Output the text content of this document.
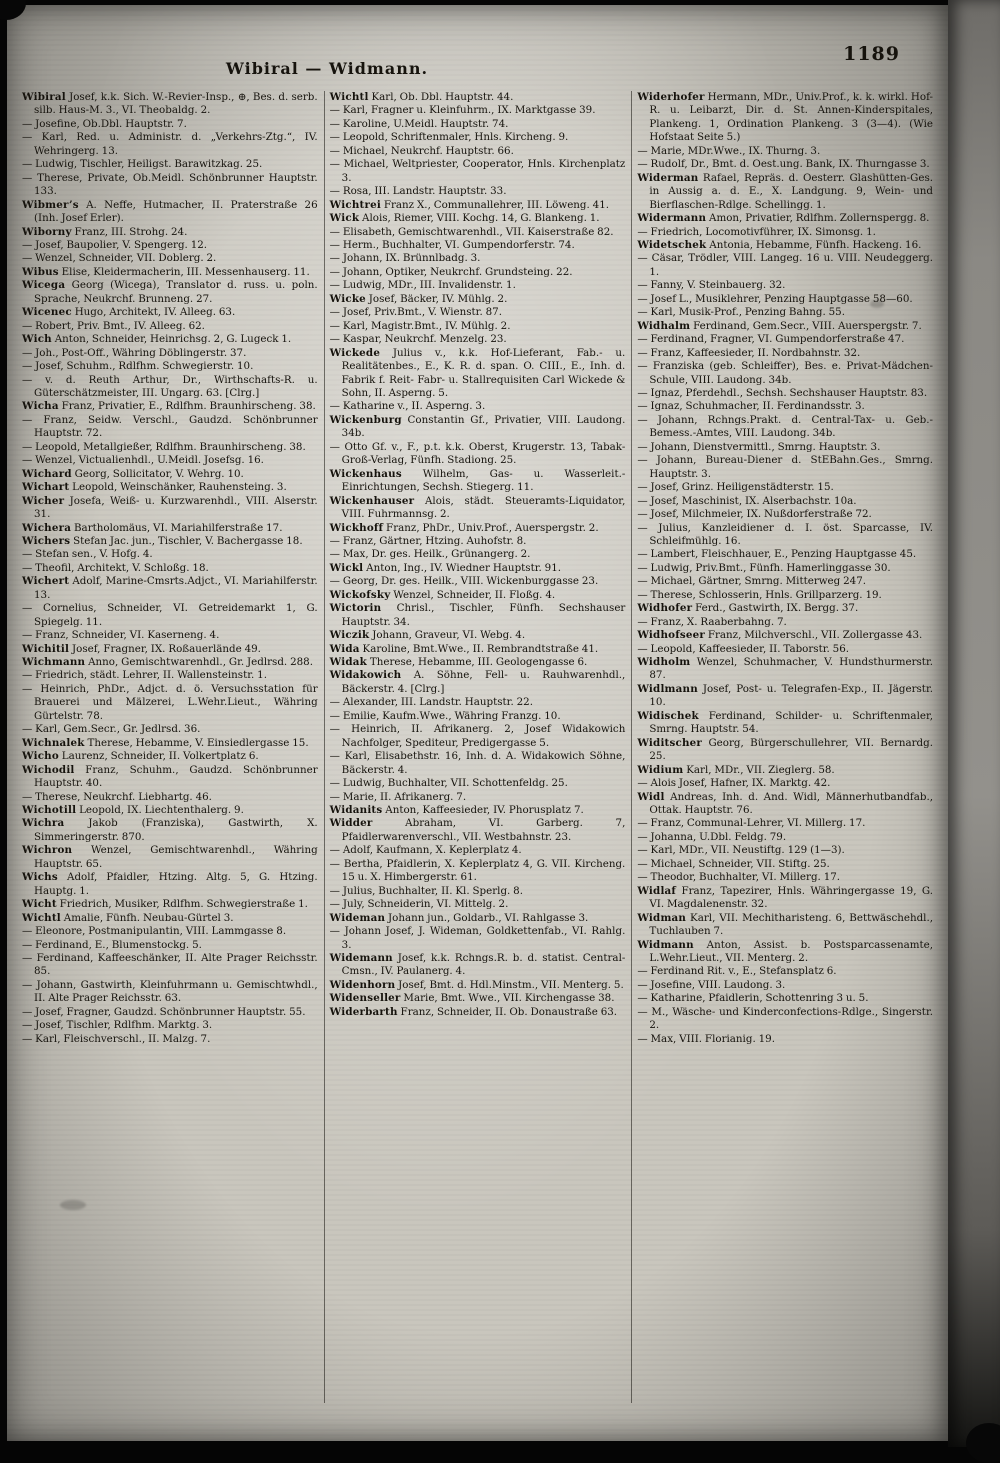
Wibiral — Widmann.
1189

Wibiral Josef, k.k. Sich. W.-Revier-Insp., ⊕, Bes. d. serb. silb. Haus-M. 3., VI. Theobaldg. 2.

— Josefine, Ob.Dbl. Hauptstr. 7.

— Karl, Red. u. Administr. d. „Verkehrs-Ztg.“, IV. Wehringerg. 13.

— Ludwig, Tischler, Heiligst. Barawitzkag. 25.

— Therese, Private, Ob.Meidl. Schönbrunner Hauptstr. 133.

Wibmer’s A. Neffe, Hutmacher, II. Praterstraße 26 (Inh. Josef Erler).

Wiborny Franz, III. Strohg. 24.

— Josef, Baupolier, V. Spengerg. 12.

— Wenzel, Schneider, VII. Doblerg. 2.

Wibus Elise, Kleidermacherin, III. Messenhauserg. 11.

Wicega Georg (Wicega), Translator d. russ. u. poln. Sprache, Neukrchf. Brunneng. 27.

Wicenec Hugo, Architekt, IV. Alleeg. 63.

— Robert, Priv. Bmt., IV. Alleeg. 62.

Wich Anton, Schneider, Heinrichsg. 2, G. Lugeck 1.

— Joh., Post-Off., Währing Döblingerstr. 37.

— Josef, Schuhm., Rdlfhm. Schwegierstr. 10.

— v. d. Reuth Arthur, Dr., Wirthschafts-R. u. Güterschätzmeister, III. Ungarg. 63. [Clrg.]

Wicha Franz, Privatier, E., Rdlfhm. Braunhirscheng. 38.

— Franz, Seidw. Verschl., Gaudzd. Schönbrunner Hauptstr. 72.

— Leopold, Metallgießer, Rdlfhm. Braunhirscheng. 38.

— Wenzel, Victualienhdl., U.Meidl. Josefsg. 16.

Wichard Georg, Sollicitator, V. Wehrg. 10.

Wichart Leopold, Weinschänker, Rauhensteing. 3.

Wicher Josefa, Weiß- u. Kurzwarenhdl., VIII. Alserstr. 31.

Wichera Bartholomäus, VI. Mariahilferstraße 17.

Wichers Stefan Jac. jun., Tischler, V. Bachergasse 18.

— Stefan sen., V. Hofg. 4.

— Theofil, Architekt, V. Schloßg. 18.

Wichert Adolf, Marine-Cmsrts.Adjct., VI. Mariahilferstr. 13.

— Cornelius, Schneider, VI. Getreidemarkt 1, G. Spiegelg. 11.

— Franz, Schneider, VI. Kaserneng. 4.

Wichitil Josef, Fragner, IX. Roßauerlände 49.

Wichmann Anno, Gemischtwarenhdl., Gr. Jedlrsd. 288.

— Friedrich, städt. Lehrer, II. Wallensteinstr. 1.

— Heinrich, PhDr., Adjct. d. ö. Versuchsstation für Brauerei und Mälzerei, L.Wehr.Lieut., Währing Gürtelstr. 78.

— Karl, Gem.Secr., Gr. Jedlrsd. 36.

Wichnalek Therese, Hebamme, V. Einsiedlergasse 15.

Wicho Laurenz, Schneider, II. Volkertplatz 6.

Wichodil Franz, Schuhm., Gaudzd. Schönbrunner Hauptstr. 40.

— Therese, Neukrchf. Liebhartg. 46.

Wichotill Leopold, IX. Liechtenthalerg. 9.

Wichra Jakob (Franziska), Gastwirth, X. Simmeringerstr. 870.

Wichron Wenzel, Gemischtwarenhdl., Währing Hauptstr. 65.

Wichs Adolf, Pfaidler, Htzing. Altg. 5, G. Htzing. Hauptg. 1.

Wicht Friedrich, Musiker, Rdlfhm. Schwegierstraße 1.

Wichtl Amalie, Fünfh. Neubau-Gürtel 3.

— Eleonore, Postmanipulantin, VIII. Lammgasse 8.

— Ferdinand, E., Blumenstockg. 5.

— Ferdinand, Kaffeeschänker, II. Alte Prager Reichsstr. 85.

— Johann, Gastwirth, Kleinfuhrmann u. Gemischtwhdl., II. Alte Prager Reichsstr. 63.

— Josef, Fragner, Gaudzd. Schönbrunner Hauptstr. 55.

— Josef, Tischler, Rdlfhm. Marktg. 3.

— Karl, Fleischverschl., II. Malzg. 7.

Wichtl Karl, Ob. Dbl. Hauptstr. 44.

— Karl, Fragner u. Kleinfuhrm., IX. Marktgasse 39.

— Karoline, U.Meidl. Hauptstr. 74.

— Leopold, Schriftenmaler, Hnls. Kircheng. 9.

— Michael, Neukrchf. Hauptstr. 66.

— Michael, Weltpriester, Cooperator, Hnls. Kirchenplatz 3.

— Rosa, III. Landstr. Hauptstr. 33.

Wichtrei Franz X., Communallehrer, III. Löweng. 41.

Wick Alois, Riemer, VIII. Kochg. 14, G. Blankeng. 1.

— Elisabeth, Gemischtwarenhdl., VII. Kaiserstraße 82.

— Herm., Buchhalter, VI. Gumpendorferstr. 74.

— Johann, IX. Brünnlbadg. 3.

— Johann, Optiker, Neukrchf. Grundsteing. 22.

— Ludwig, MDr., III. Invalidenstr. 1.

Wicke Josef, Bäcker, IV. Mühlg. 2.

— Josef, Priv.Bmt., V. Wienstr. 87.

— Karl, Magistr.Bmt., IV. Mühlg. 2.

— Kaspar, Neukrchf. Menzelg. 23.

Wickede Julius v., k.k. Hof-Lieferant, Fab.- u. Realitätenbes., E., K. R. d. span. O. CIII., E., Inh. d. Fabrik f. Reit- Fabr- u. Stallrequisiten Carl Wickede & Sohn, II. Asperng. 5.

— Katharine v., II. Asperng. 3.

Wickenburg Constantin Gf., Privatier, VIII. Laudong. 34b.

— Otto Gf. v., F., p.t. k.k. Oberst, Krugerstr. 13, Tabak-Groß-Verlag, Fünfh. Stadiong. 25.

Wickenhaus Wilhelm, Gas- u. Wasserleit.-Einrichtungen, Sechsh. Stiegerg. 11.

Wickenhauser Alois, städt. Steueramts-Liquidator, VIII. Fuhrmannsg. 2.

Wickhoff Franz, PhDr., Univ.Prof., Auerspergstr. 2.

— Franz, Gärtner, Htzing. Auhofstr. 8.

— Max, Dr. ges. Heilk., Grünangerg. 2.

Wickl Anton, Ing., IV. Wiedner Hauptstr. 91.

— Georg, Dr. ges. Heilk., VIII. Wickenburggasse 23.

Wickofsky Wenzel, Schneider, II. Floßg. 4.

Wictorin Chrisl., Tischler, Fünfh. Sechshauser Hauptstr. 34.

Wiczik Johann, Graveur, VI. Webg. 4.

Wida Karoline, Bmt.Wwe., II. Rembrandtstraße 41.

Widak Therese, Hebamme, III. Geologengasse 6.

Widakowich A. Söhne, Fell- u. Rauhwarenhdl., Bäckerstr. 4. [Clrg.]

— Alexander, III. Landstr. Hauptstr. 22.

— Emilie, Kaufm.Wwe., Währing Franzg. 10.

— Heinrich, II. Afrikanerg. 2, Josef Widakowich Nachfolger, Spediteur, Predigergasse 5.

— Karl, Elisabethstr. 16, Inh. d. A. Widakowich Söhne, Bäckerstr. 4.

— Ludwig, Buchhalter, VII. Schottenfeldg. 25.

— Marie, II. Afrikanerg. 7.

Widanits Anton, Kaffeesieder, IV. Phorusplatz 7.

Widder Abraham, VI. Garberg. 7, Pfaidlerwarenverschl., VII. Westbahnstr. 23.

— Adolf, Kaufmann, X. Keplerplatz 4.

— Bertha, Pfaidlerin, X. Keplerplatz 4, G. VII. Kircheng. 15 u. X. Himbergerstr. 61.

— Julius, Buchhalter, II. Kl. Sperlg. 8.

— July, Schneiderin, VI. Mittelg. 2.

Wideman Johann jun., Goldarb., VI. Rahlgasse 3.

— Johann Josef, J. Wideman, Goldkettenfab., VI. Rahlg. 3.

Widemann Josef, k.k. Rchngs.R. b. d. statist. Central-Cmsn., IV. Paulanerg. 4.

Widenhorn Josef, Bmt. d. Hdl.Minstm., VII. Menterg. 5.

Widenseller Marie, Bmt. Wwe., VII. Kirchengasse 38.

Widerbarth Franz, Schneider, II. Ob. Donaustraße 63.

Widerhofer Hermann, MDr., Univ.Prof., k. k. wirkl. Hof-R. u. Leibarzt, Dir. d. St. Annen-Kinderspitales, Plankeng. 1, Ordination Plankeng. 3 (3—4). (Wie Hofstaat Seite 5.)

— Marie, MDr.Wwe., IX. Thurng. 3.

— Rudolf, Dr., Bmt. d. Oest.ung. Bank, IX. Thurngasse 3.

Widerman Rafael, Repräs. d. Oesterr. Glashütten-Ges. in Aussig a. d. E., X. Landgung. 9, Wein- und Bierflaschen-Rdlge. Schellingg. 1.

Widermann Amon, Privatier, Rdlfhm. Zollernspergg. 8.

— Friedrich, Locomotivführer, IX. Simonsg. 1.

Widetschek Antonia, Hebamme, Fünfh. Hackeng. 16.

— Cäsar, Trödler, VIII. Langeg. 16 u. VIII. Neudeggerg. 1.

— Fanny, V. Steinbauerg. 32.

— Josef L., Musiklehrer, Penzing Hauptgasse 58—60.

— Karl, Musik-Prof., Penzing Bahng. 55.

Widhalm Ferdinand, Gem.Secr., VIII. Auerspergstr. 7.

— Ferdinand, Fragner, VI. Gumpendorferstraße 47.

— Franz, Kaffeesieder, II. Nordbahnstr. 32.

— Franziska (geb. Schleiffer), Bes. e. Privat-Mädchen-Schule, VIII. Laudong. 34b.

— Ignaz, Pferdehdl., Sechsh. Sechshauser Hauptstr. 83.

— Ignaz, Schuhmacher, II. Ferdinandsstr. 3.

— Johann, Rchngs.Prakt. d. Central-Tax- u. Geb.-Bemess.-Amtes, VIII. Laudong. 34b.

— Johann, Dienstvermittl., Smrng. Hauptstr. 3.

— Johann, Bureau-Diener d. StEBahn.Ges., Smrng. Hauptstr. 3.

— Josef, Grinz. Heiligenstädterstr. 15.

— Josef, Maschinist, IX. Alserbachstr. 10a.

— Josef, Milchmeier, IX. Nußdorferstraße 72.

— Julius, Kanzleidiener d. I. öst. Sparcasse, IV. Schleifmühlg. 16.

— Lambert, Fleischhauer, E., Penzing Hauptgasse 45.

— Ludwig, Priv.Bmt., Fünfh. Hamerlinggasse 30.

— Michael, Gärtner, Smrng. Mitterweg 247.

— Therese, Schlosserin, Hnls. Grillparzerg. 19.

Widhofer Ferd., Gastwirth, IX. Bergg. 37.

— Franz, X. Raaberbahng. 7.

Widhofseer Franz, Milchverschl., VII. Zollergasse 43.

— Leopold, Kaffeesieder, II. Taborstr. 56.

Widholm Wenzel, Schuhmacher, V. Hundsthurmerstr. 87.

Widlmann Josef, Post- u. Telegrafen-Exp., II. Jägerstr. 10.

Widischek Ferdinand, Schilder- u. Schriftenmaler, Smrng. Hauptstr. 54.

Widitscher Georg, Bürgerschullehrer, VII. Bernardg. 25.

Widium Karl, MDr., VII. Zieglerg. 58.

— Alois Josef, Hafner, IX. Marktg. 42.

Widl Andreas, Inh. d. And. Widl, Männerhutbandfab., Ottak. Hauptstr. 76.

— Franz, Communal-Lehrer, VI. Millerg. 17.

— Johanna, U.Dbl. Feldg. 79.

— Karl, MDr., VII. Neustiftg. 129 (1—3).

— Michael, Schneider, VII. Stiftg. 25.

— Theodor, Buchhalter, VI. Millerg. 17.

Widlaf Franz, Tapezirer, Hnls. Währingergasse 19, G. VI. Magdalenenstr. 32.

Widman Karl, VII. Mechitharisteng. 6, Bettwäschehdl., Tuchlauben 7.

Widmann Anton, Assist. b. Postsparcassenamte, L.Wehr.Lieut., VII. Menterg. 2.

— Ferdinand Rit. v., E., Stefansplatz 6.

— Josefine, VIII. Laudong. 3.

— Katharine, Pfaidlerin, Schottenring 3 u. 5.

— M., Wäsche- und Kinderconfections-Rdlge., Singerstr. 2.

— Max, VIII. Florianig. 19.
